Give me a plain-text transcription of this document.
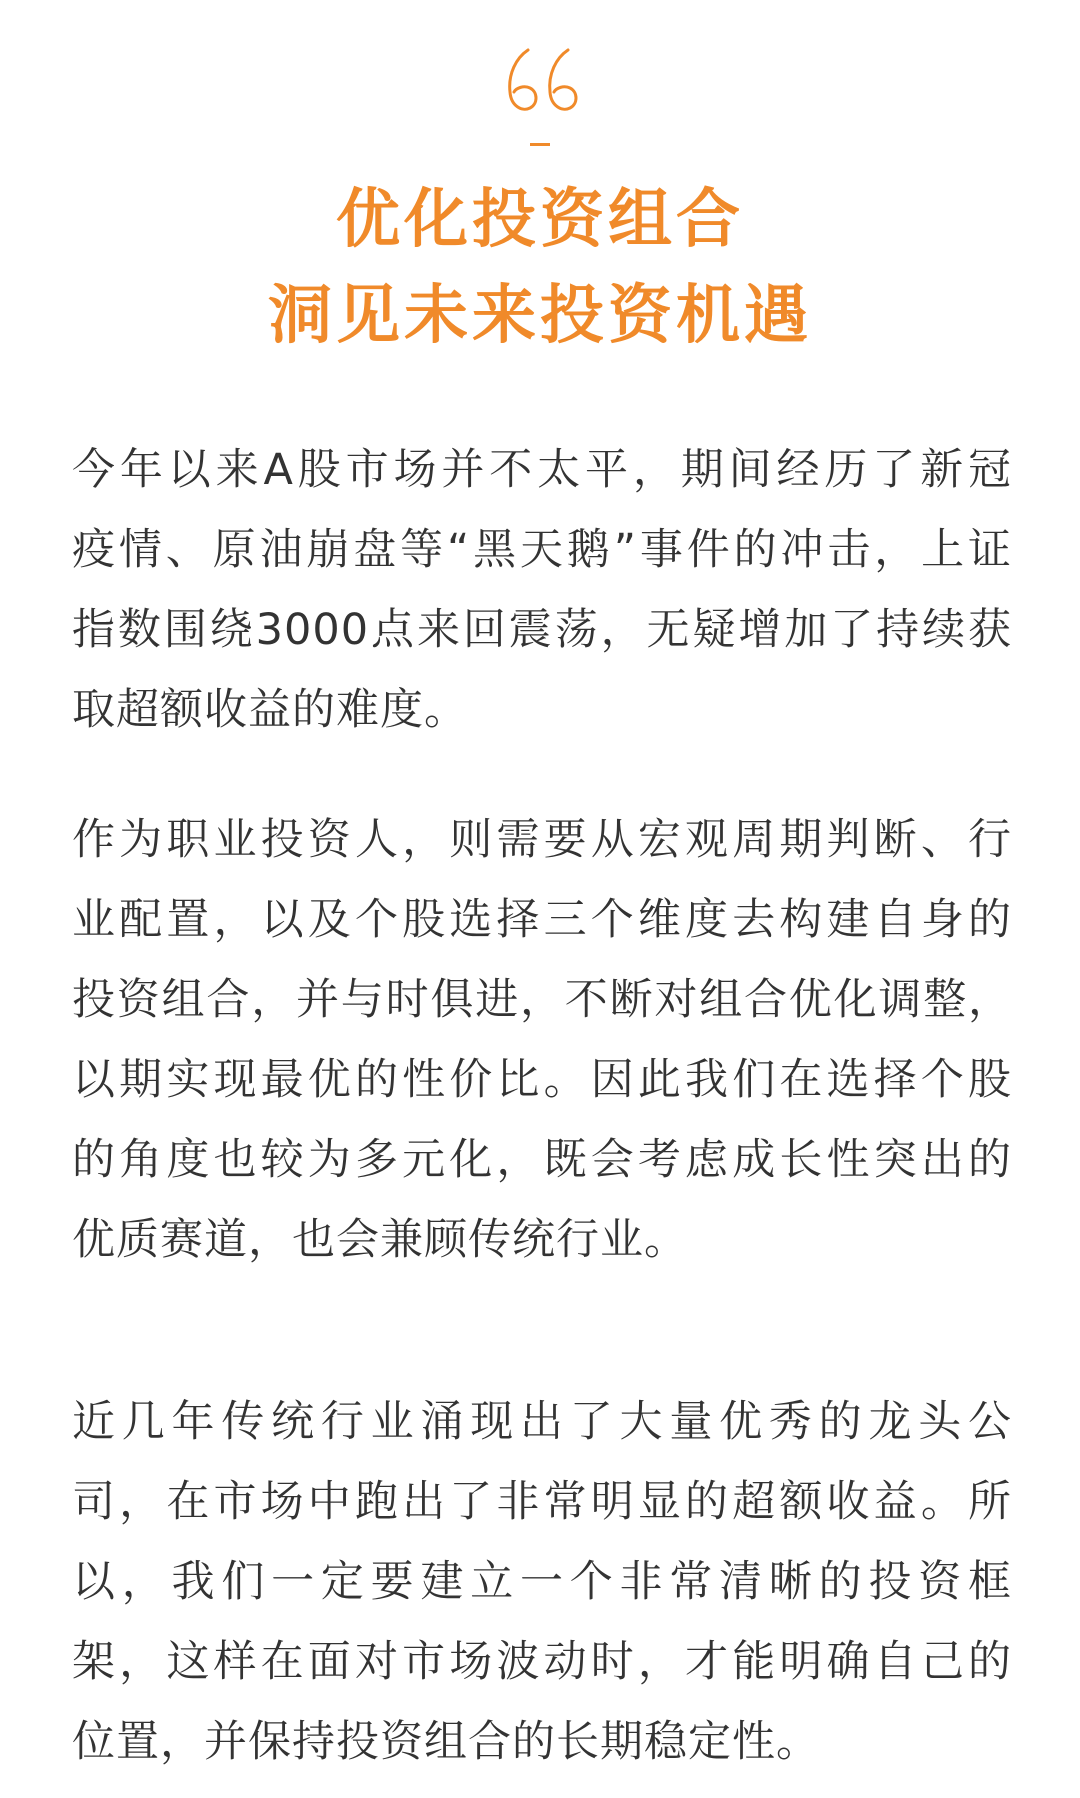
优化投资组合
洞见未来投资机遇
今年以来A股市场并不太平，期间经历了新冠
疫情、原油崩盘等“黑天鹅”事件的冲击，上证
指数围绕3000点来回震荡，无疑增加了持续获
取超额收益的难度。
作为职业投资人，则需要从宏观周期判断、行
业配置，以及个股选择三个维度去构建自身的
投资组合，并与时俱进，不断对组合优化调整，
以期实现最优的性价比。因此我们在选择个股
的角度也较为多元化，既会考虑成长性突出的
优质赛道，也会兼顾传统行业。
近几年传统行业涌现出了大量优秀的龙头公
司，在市场中跑出了非常明显的超额收益。所
以，我们一定要建立一个非常清晰的投资框
架，这样在面对市场波动时，才能明确自己的
位置，并保持投资组合的长期稳定性。
